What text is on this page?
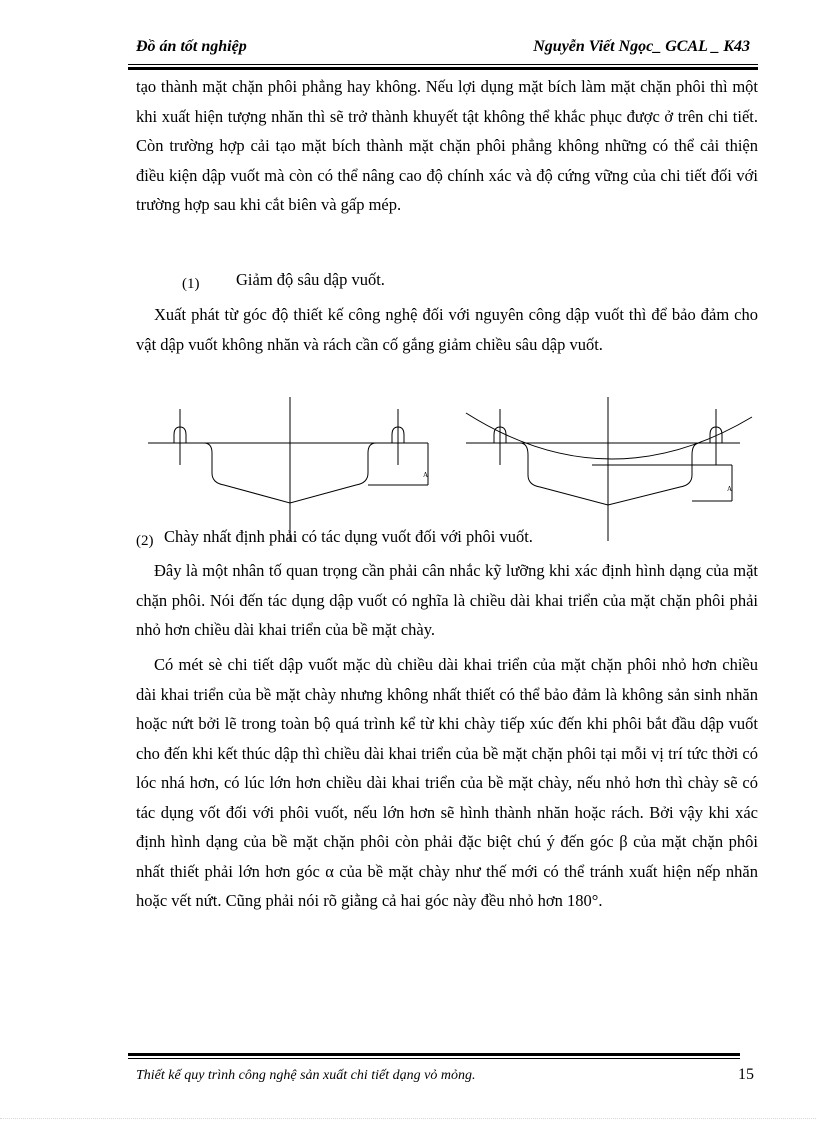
Đồ án tốt nghiệp	Nguyễn Viết Ngọc_ GCAL _ K43

tạo thành mặt chặn phôi phẳng hay không. Nếu lợi dụng mặt bích làm mặt chặn phôi thì một khi xuất hiện tượng nhăn thì sẽ trở thành khuyết tật không thể khắc phục được ở trên chi tiết. Còn trường hợp cải tạo mặt bích thành mặt chặn phôi phẳng không những có thể cải thiện điều kiện dập vuốt mà còn có thể nâng cao độ chính xác và độ cứng vững của chi tiết đối với trường hợp sau khi cắt biên và gấp mép.

(1) Giảm độ sâu dập vuốt.

Xuất phát từ góc độ thiết kế công nghệ đối với nguyên công dập vuốt thì để bảo đảm cho vật dập vuốt không nhăn và rách cần cố gắng giảm chiều sâu dập vuốt.

A
A
(2) Chày nhất định phải có tác dụng vuốt đối với phôi vuốt.

Đây là một nhân tố quan trọng cần phải cân nhắc kỹ lưỡng khi xác định hình dạng của mặt chặn phôi. Nói đến tác dụng dập vuốt có nghĩa là chiều dài khai triển của mặt chặn phôi phải nhỏ hơn chiều dài khai triển của bề mặt chày.

Có mét sè chi tiết dập vuốt mặc dù chiều dài khai triển của mặt chặn phôi nhỏ hơn chiều dài khai triển của bề mặt chày nhưng không nhất thiết có thể bảo đảm là không sản sinh nhăn hoặc nứt bởi lẽ trong toàn bộ quá trình kể từ khi chày tiếp xúc đến khi phôi bắt đầu dập vuốt cho đến khi kết thúc dập thì chiều dài khai triển của bề mặt chặn phôi tại mỗi vị trí tức thời có lóc nhá hơn, có lúc lớn hơn chiều dài khai triển của bề mặt chày, nếu nhỏ hơn thì chày sẽ có tác dụng vốt đối với phôi vuốt, nếu lớn hơn sẽ hình thành nhăn hoặc rách. Bởi vậy khi xác định hình dạng của bề mặt chặn phôi còn phải đặc biệt chú ý đến góc β của mặt chặn phôi nhất thiết phải lớn hơn góc α của bề mặt chày như thế mới có thể tránh xuất hiện nếp nhăn hoặc vết nứt. Cũng phải nói rõ giằng cả hai góc này đều nhỏ hơn 180°.

Thiết kế quy trình công nghệ sản xuất chi tiết dạng vỏ mỏng.	15
